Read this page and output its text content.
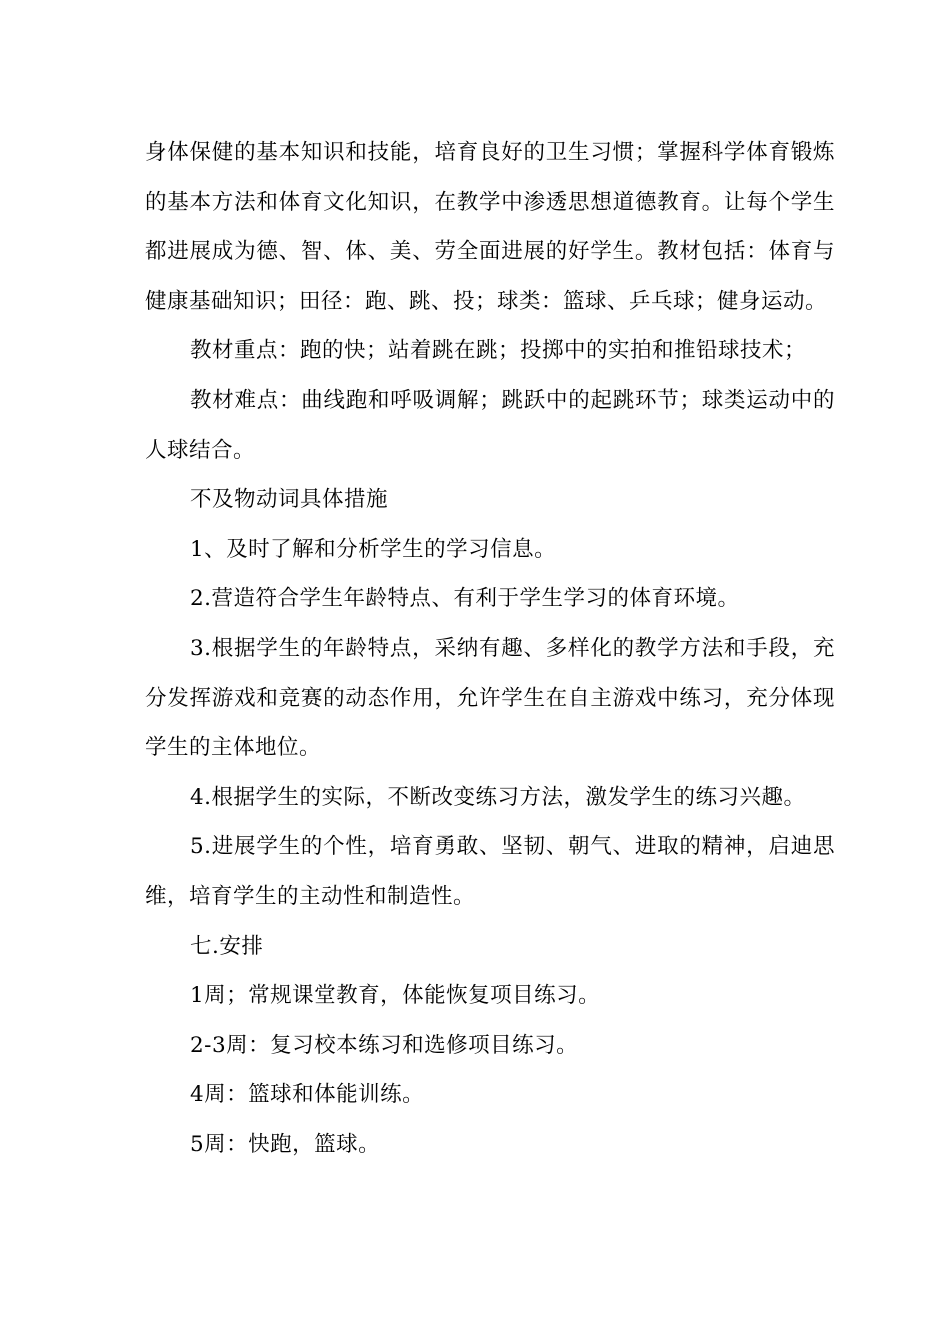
身体保健的基本知识和技能，培育良好的卫生习惯；掌握科学体育锻炼的基本方法和体育文化知识，在教学中渗透思想道德教育。让每个学生都进展成为德、智、体、美、劳全面进展的好学生。教材包括：体育与健康基础知识；田径：跑、跳、投；球类：篮球、乒乓球；健身运动。

教材重点：跑的快；站着跳在跳；投掷中的实拍和推铅球技术；

教材难点：曲线跑和呼吸调解；跳跃中的起跳环节；球类运动中的人球结合。

不及物动词具体措施

1、及时了解和分析学生的学习信息。

2.营造符合学生年龄特点、有利于学生学习的体育环境。

3.根据学生的年龄特点，采纳有趣、多样化的教学方法和手段，充分发挥游戏和竞赛的动态作用，允许学生在自主游戏中练习，充分体现学生的主体地位。

4.根据学生的实际，不断改变练习方法，激发学生的练习兴趣。

5.进展学生的个性，培育勇敢、坚韧、朝气、进取的精神，启迪思维，培育学生的主动性和制造性。

七.安排

1周；常规课堂教育，体能恢复项目练习。

2-3周：复习校本练习和选修项目练习。

4周：篮球和体能训练。

5周：快跑，篮球。
